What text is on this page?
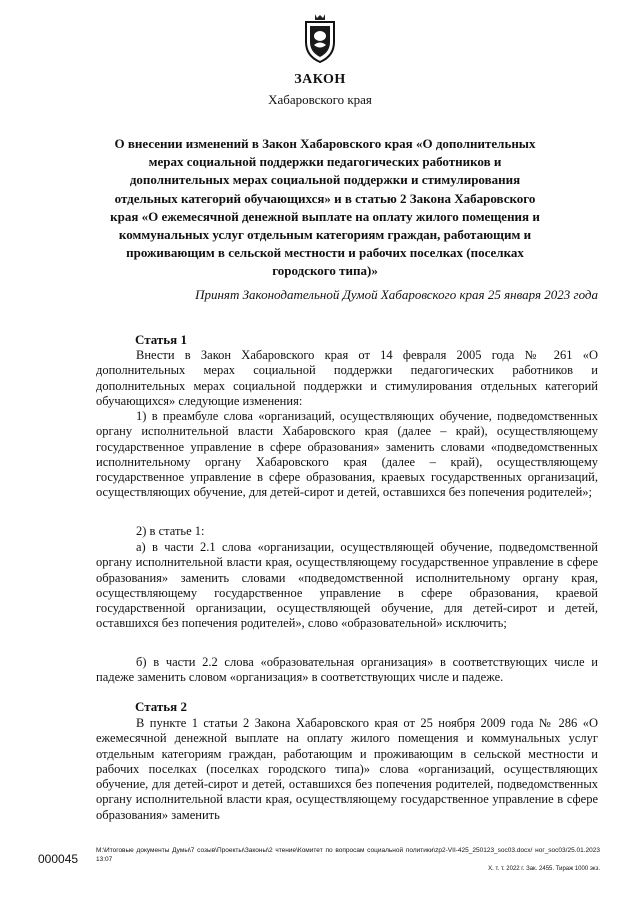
ЗАКОН
Хабаровского края
О внесении изменений в Закон Хабаровского края «О дополнительных мерах социальной поддержки педагогических работников и дополнительных мерах социальной поддержки и стимулирования отдельных категорий обучающихся» и в статью 2 Закона Хабаровского края «О ежемесячной денежной выплате на оплату жилого помещения и коммунальных услуг отдельным категориям граждан, работающим и проживающим в сельской местности и рабочих поселках (поселках городского типа)»
Принят Законодательной Думой Хабаровского края 25 января 2023 года
Статья 1

Внести в Закон Хабаровского края от 14 февраля 2005 года № 261 «О дополнительных мерах социальной поддержки педагогических работников и дополнительных мерах социальной поддержки и стимулирования отдельных категорий обучающихся» следующие изменения:

1) в преамбуле слова «организаций, осуществляющих обучение, подведомственных органу исполнительной власти Хабаровского края (далее – край), осуществляющему государственное управление в сфере образования» заменить словами «подведомственных исполнительному органу Хабаровского края (далее – край), осуществляющему государственное управление в сфере образования, краевых государственных организаций, осуществляющих обучение, для детей-сирот и детей, оставшихся без попечения родителей»;

2) в статье 1:

а) в части 2.1 слова «организации, осуществляющей обучение, подведомственной органу исполнительной власти края, осуществляющему государственное управление в сфере образования» заменить словами «подведомственной исполнительному органу края, осуществляющему государственное управление в сфере образования, краевой государственной организации, осуществляющей обучение, для детей-сирот и детей, оставшихся без попечения родителей», слово «образовательной» исключить;

б) в части 2.2 слова «образовательная организация» в соответствующих числе и падеже заменить словом «организация» в соответствующих числе и падеже.

Статья 2

В пункте 1 статьи 2 Закона Хабаровского края от 25 ноября 2009 года № 286 «О ежемесячной денежной выплате на оплату жилого помещения и коммунальных услуг отдельным категориям граждан, работающим и проживающим в сельской местности и рабочих поселках (поселках городского типа)» слова «организаций, осуществляющих обучение, для детей-сирот и детей, оставшихся без попечения родителей, подведомственных органу исполнительной власти края, осуществляющему государственное управление в сфере образования» заменить

000045
M:\Итоговые документы Думы\7 созыв\Проекты\Законы\2 чтение\Комитет по вопросам социальной политики\zp2-VII-425_250123_soc03.docx/ ног_soc03/25.01.2023 13:07
Х. т. т. 2022 г. Зак. 2455. Тираж 1000 экз.
